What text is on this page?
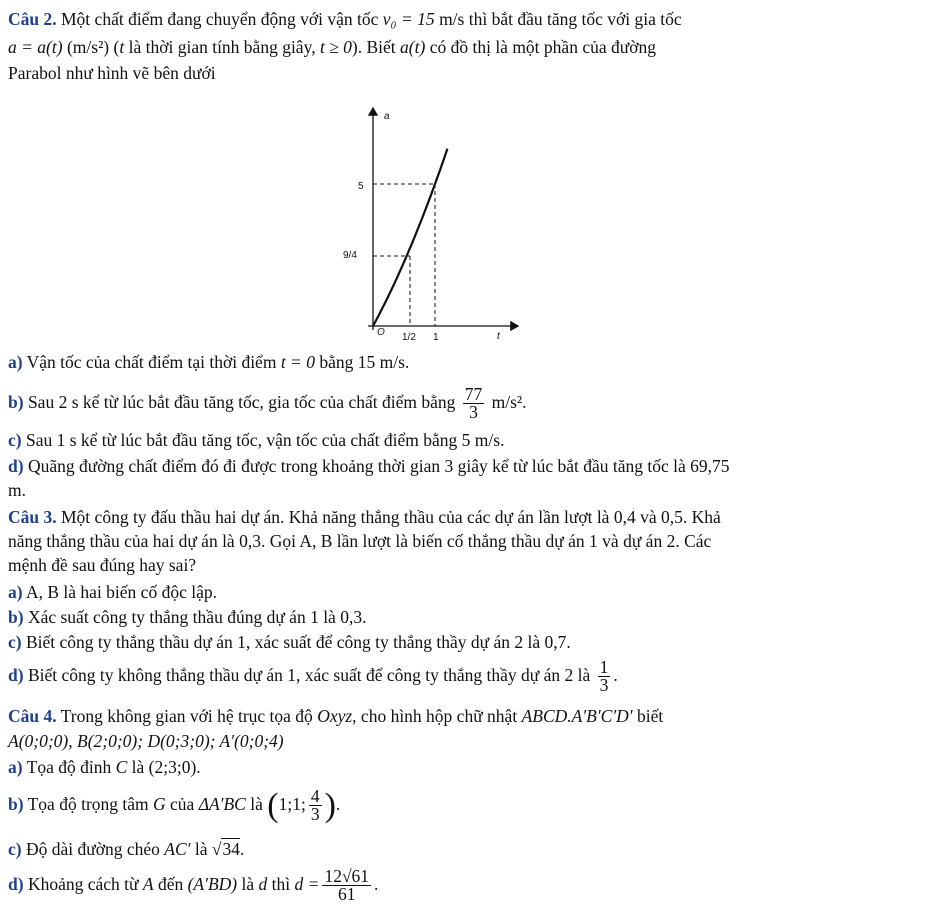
Câu 2. Một chất điểm đang chuyển động với vận tốc v₀ = 15 m/s thì bắt đầu tăng tốc với gia tốc
a = a(t) (m/s²) (t là thời gian tính bằng giây, t ≥ 0). Biết a(t) có đồ thị là một phần của đường
Parabol như hình vẽ bên dưới
a
t
O
5
9/4
1/2 1
a) Vận tốc của chất điểm tại thời điểm t = 0 bằng 15 m/s.
b) Sau 2 s kể từ lúc bắt đầu tăng tốc, gia tốc của chất điểm bằng $\frac{77}{3} m/s^2$.
c) Sau 1 s kể từ lúc bắt đầu tăng tốc, vận tốc của chất điểm bằng 5 m/s.
d) Quãng đường chất điểm đó đi được trong khoảng thời gian 3 giây kể từ lúc bắt đầu tăng tốc là 69,75
m.
Câu 3. Một công ty đấu thầu hai dự án. Khả năng thắng thầu của các dự án lần lượt là 0,4 và 0,5. Khả
năng thắng thầu của hai dự án là 0,3. Gọi A, B lần lượt là biến cố thắng thầu dự án 1 và dự án 2. Các
mệnh đề sau đúng hay sai?
a) A, B là hai biến cố độc lập.
b) Xác suất công ty thắng thầu đúng dự án 1 là 0,3.
c) Biết công ty thắng thầu dự án 1, xác suất để công ty thắng thầy dự án 2 là 0,7.
d) Biết công ty không thắng thầu dự án 1, xác suất để công ty thắng thầy dự án 2 là $\frac{1}{3}$ .
Câu 4. Trong không gian với hệ trục tọa độ Oxyz, cho hình hộp chữ nhật ABCD.A′B′C′D′ biết
A(0;0;0), B(2;0;0); D(0;3;0); A′(0;0;4)
a) Tọa độ đỉnh C là (2;3;0).
b) Tọa độ trọng tâm G của ΔA′BC là (1;1; $\frac{4}{3}$ ).
c) Độ dài đường chéo AC′ là √34.
d) Khoảng cách từ A đến (A′BD) là d thì $d = \frac{12√61}{61}$ .
